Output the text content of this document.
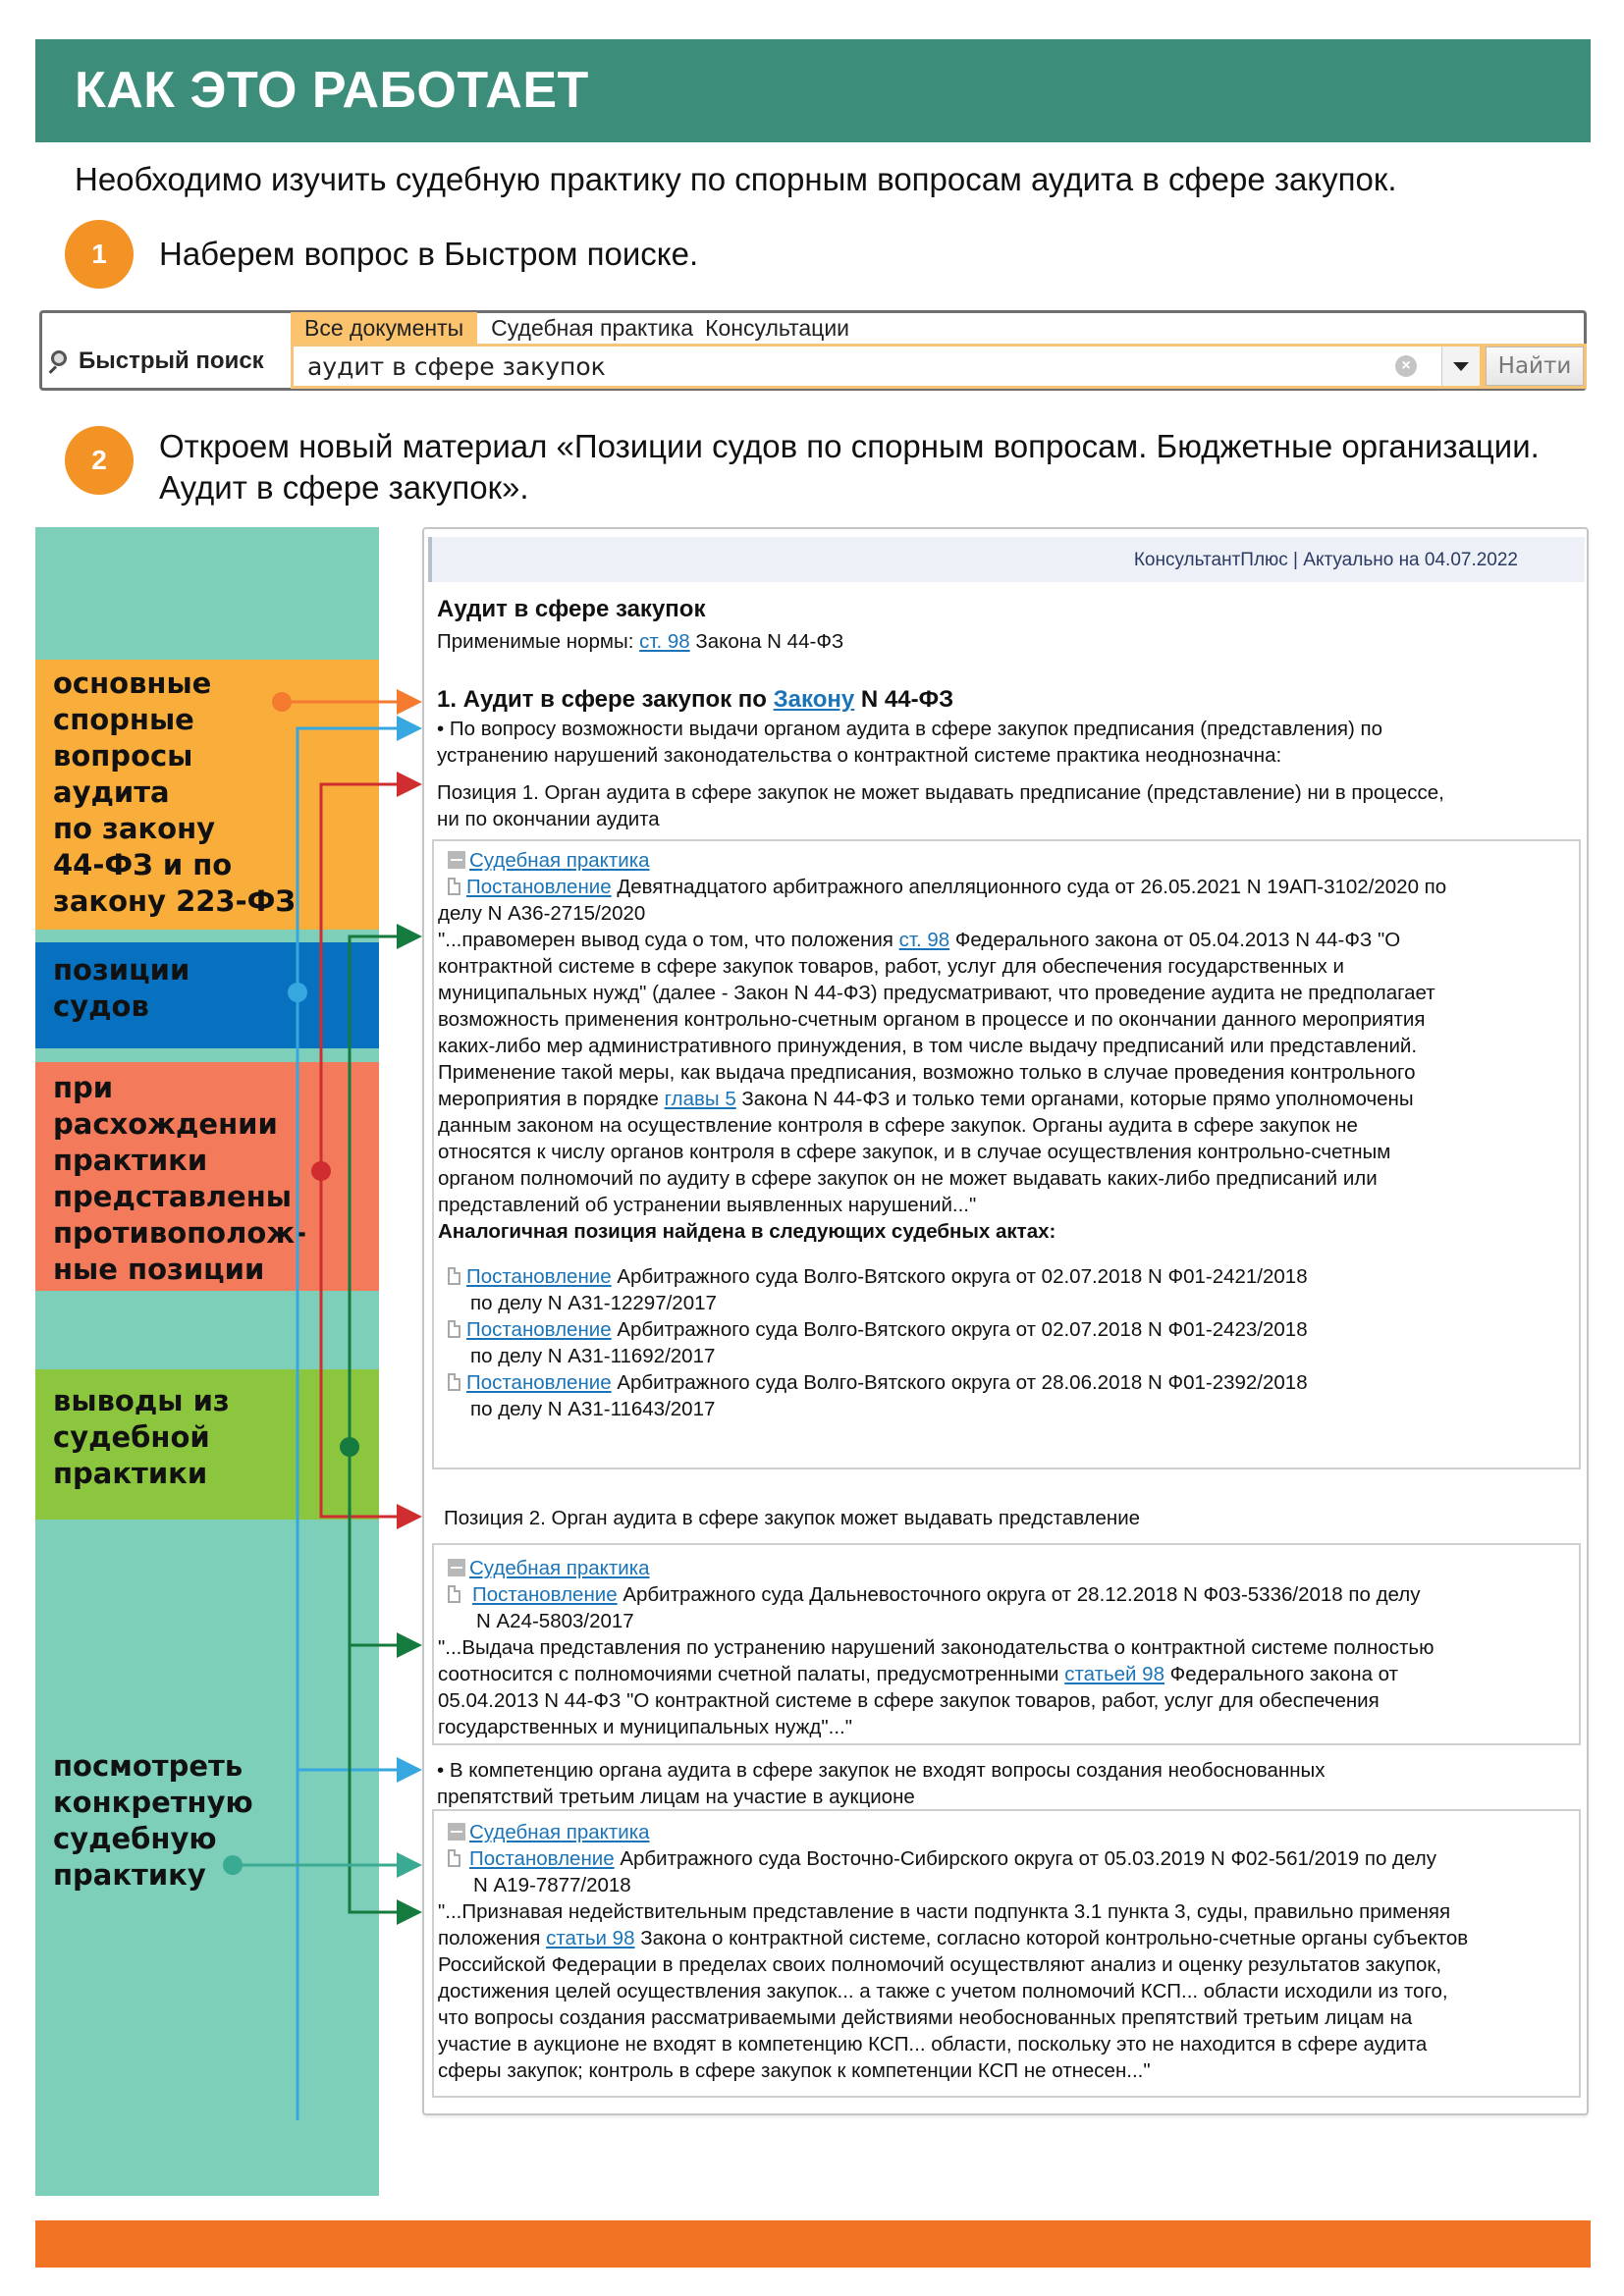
КАК ЭТО РАБОТАЕТ
Необходимо изучить судебную практику по спорным вопросам аудита в сфере закупок.
1	Наберем вопрос в Быстром поиске.
Быстрый поиск
Все документы	Судебная практика Консультации
аудит в сфере закупок
×	Найти
2	Откроем новый материал «Позиции судов по спорным вопросам. Бюджетные организации.
Аудит в сфере закупок».
основные
спорные
вопросы
аудита
по закону
44-ФЗ и по
закону 223-ФЗ
позиции
судов
при
расхождении
практики
представлены
противополож-
ные позиции
выводы из
судебной
практики
посмотреть
конкретную
судебную
практику
КонсультантПлюс | Актуально на 04.07.2022
Аудит в сфере закупок
Применимые нормы: ст. 98 Закона N 44-ФЗ
1. Аудит в сфере закупок по Закону N 44-ФЗ
• По вопросу возможности выдачи органом аудита в сфере закупок предписания (представления) по
устранению нарушений законодательства о контрактной системе практика неоднозначна:
Позиция 1. Орган аудита в сфере закупок не может выдавать предписание (представление) ни в процессе,
ни по окончании аудита
Судебная практика
Постановление Девятнадцатого арбитражного апелляционного суда от 26.05.2021 N 19АП-3102/2020 по
делу N А36-2715/2020
"...правомерен вывод суда о том, что положения ст. 98 Федерального закона от 05.04.2013 N 44-ФЗ "О
контрактной системе в сфере закупок товаров, работ, услуг для обеспечения государственных и
муниципальных нужд" (далее - Закон N 44-ФЗ) предусматривают, что проведение аудита не предполагает
возможность применения контрольно-счетным органом в процессе и по окончании данного мероприятия
каких-либо мер административного принуждения, в том числе выдачу предписаний или представлений.
Применение такой меры, как выдача предписания, возможно только в случае проведения контрольного
мероприятия в порядке главы 5 Закона N 44-ФЗ и только теми органами, которые прямо уполномочены
данным законом на осуществление контроля в сфере закупок. Органы аудита в сфере закупок не
относятся к числу органов контроля в сфере закупок, и в случае осуществления контрольно-счетным
органом полномочий по аудиту в сфере закупок он не может выдавать каких-либо предписаний или
представлений об устранении выявленных нарушений..."
Аналогичная позиция найдена в следующих судебных актах:
Постановление Арбитражного суда Волго-Вятского округа от 02.07.2018 N Ф01-2421/2018
по делу N А31-12297/2017
Постановление Арбитражного суда Волго-Вятского округа от 02.07.2018 N Ф01-2423/2018
по делу N А31-11692/2017
Постановление Арбитражного суда Волго-Вятского округа от 28.06.2018 N Ф01-2392/2018
по делу N А31-11643/2017
Позиция 2. Орган аудита в сфере закупок может выдавать представление
Судебная практика
Постановление Арбитражного суда Дальневосточного округа от 28.12.2018 N Ф03-5336/2018 по делу
N А24-5803/2017
"...Выдача представления по устранению нарушений законодательства о контрактной системе полностью
соотносится с полномочиями счетной палаты, предусмотренными статьей 98 Федерального закона от
05.04.2013 N 44-ФЗ "О контрактной системе в сфере закупок товаров, работ, услуг для обеспечения
государственных и муниципальных нужд"..."
• В компетенцию органа аудита в сфере закупок не входят вопросы создания необоснованных
препятствий третьим лицам на участие в аукционе
Судебная практика
Постановление Арбитражного суда Восточно-Сибирского округа от 05.03.2019 N Ф02-561/2019 по делу
N А19-7877/2018
"...Признавая недействительным представление в части подпункта 3.1 пункта 3, суды, правильно применяя
положения статьи 98 Закона о контрактной системе, согласно которой контрольно-счетные органы субъектов
Российской Федерации в пределах своих полномочий осуществляют анализ и оценку результатов закупок,
достижения целей осуществления закупок... а также с учетом полномочий КСП... области исходили из того,
что вопросы создания рассматриваемыми действиями необоснованных препятствий третьим лицам на
участие в аукционе не входят в компетенцию КСП... области, поскольку это не находится в сфере аудита
сферы закупок; контроль в сфере закупок к компетенции КСП не отнесен..."
